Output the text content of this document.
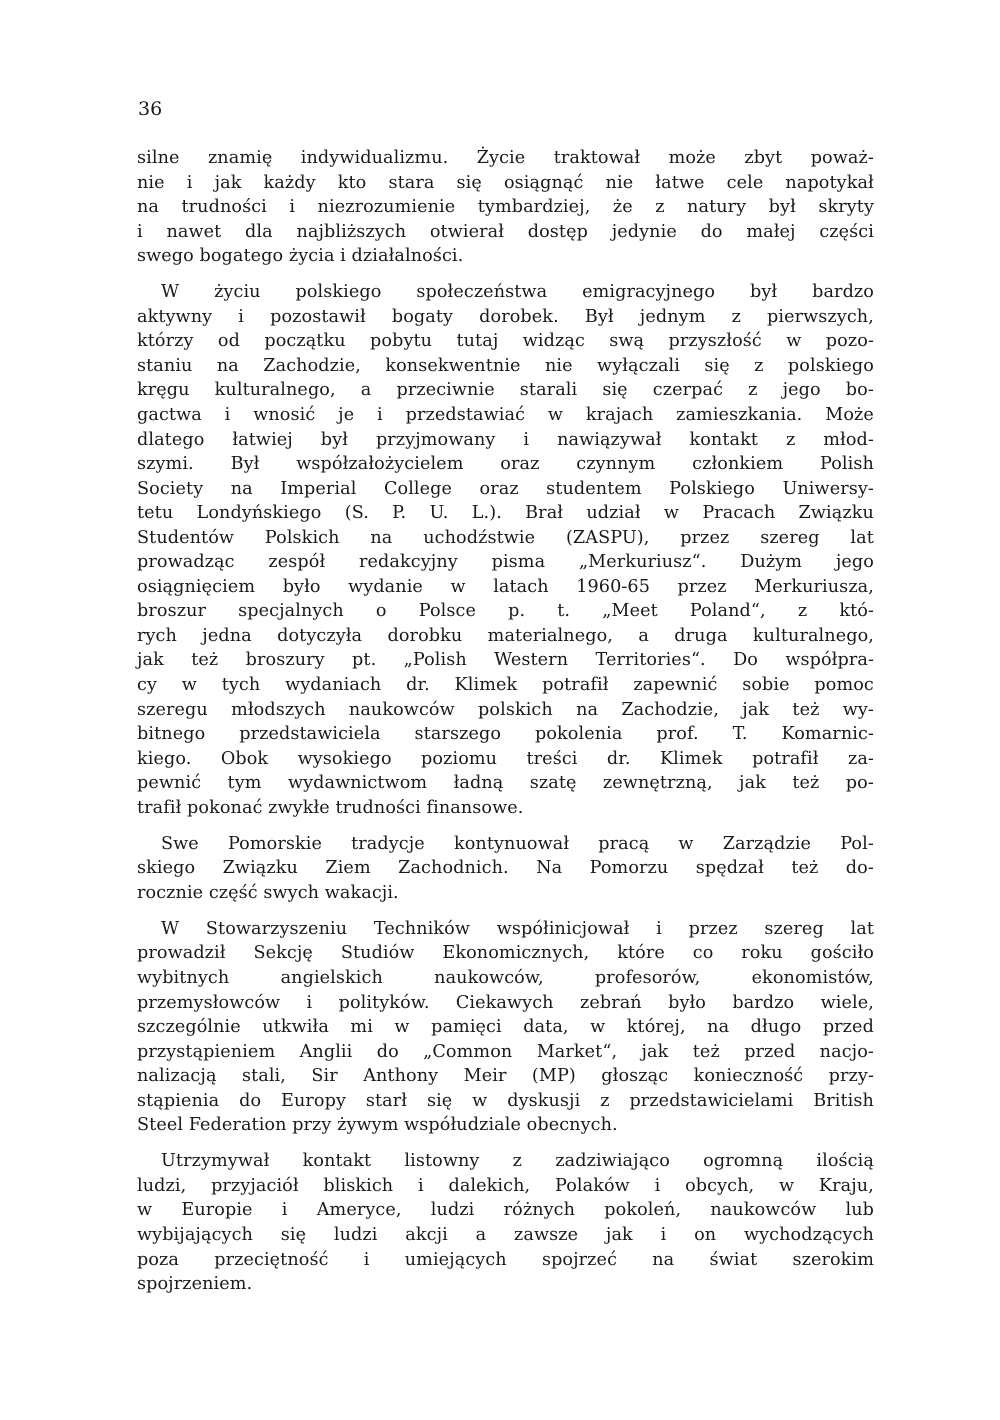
36
silne znamię indywidualizmu. Życie traktował może zbyt poważ-
nie i jak każdy kto stara się osiągnąć nie łatwe cele napotykał
na trudności i niezrozumienie tymbardziej, że z natury był skryty
i nawet dla najbliższych otwierał dostęp jedynie do małej części
swego bogatego życia i działalności.
W życiu polskiego społeczeństwa emigracyjnego był bardzo
aktywny i pozostawił bogaty dorobek. Był jednym z pierwszych,
którzy od początku pobytu tutaj widząc swą przyszłość w pozo-
staniu na Zachodzie, konsekwentnie nie wyłączali się z polskiego
kręgu kulturalnego, a przeciwnie starali się czerpać z jego bo-
gactwa i wnosić je i przedstawiać w krajach zamieszkania. Może
dlatego łatwiej był przyjmowany i nawiązywał kontakt z młod-
szymi. Był współzałożycielem oraz czynnym członkiem Polish
Society na Imperial College oraz studentem Polskiego Uniwersy-
tetu Londyńskiego (S. P. U. L.). Brał udział w Pracach Związku
Studentów Polskich na uchodźstwie (ZASPU), przez szereg lat
prowadząc zespół redakcyjny pisma „Merkuriusz“. Dużym jego
osiągnięciem było wydanie w latach 1960-65 przez Merkuriusza,
broszur specjalnych o Polsce p. t. „Meet Poland“, z któ-
rych jedna dotyczyła dorobku materialnego, a druga kulturalnego,
jak też broszury pt. „Polish Western Territories“. Do współpra-
cy w tych wydaniach dr. Klimek potrafił zapewnić sobie pomoc
szeregu młodszych naukowców polskich na Zachodzie, jak też wy-
bitnego przedstawiciela starszego pokolenia prof. T. Komarnic-
kiego. Obok wysokiego poziomu treści dr. Klimek potrafił za-
pewnić tym wydawnictwom ładną szatę zewnętrzną, jak też po-
trafił pokonać zwykłe trudności finansowe.
Swe Pomorskie tradycje kontynuował pracą w Zarządzie Pol-
skiego Związku Ziem Zachodnich. Na Pomorzu spędzał też do-
rocznie część swych wakacji.
W Stowarzyszeniu Techników współinicjował i przez szereg lat
prowadził Sekcję Studiów Ekonomicznych, które co roku gościło
wybitnych	angielskich	naukowców,	profesorów,	ekonomistów,
przemysłowców i polityków. Ciekawych zebrań było bardzo wiele,
szczególnie utkwiła mi w pamięci data, w której, na długo przed
przystąpieniem Anglii do „Common Market“, jak też przed nacjo-
nalizacją stali, Sir Anthony Meir (MP) głosząc konieczność przy-
stąpienia do Europy starł się w dyskusji z przedstawicielami British
Steel Federation przy żywym współudziale obecnych.
Utrzymywał kontakt listowny z zadziwiająco ogromną ilością
ludzi, przyjaciół bliskich i dalekich, Polaków i obcych, w Kraju,
w Europie i Ameryce, ludzi różnych pokoleń, naukowców lub
wybijających się ludzi akcji a zawsze jak i on wychodzących
poza przeciętność i umiejących spojrzeć na świat szerokim
spojrzeniem.
